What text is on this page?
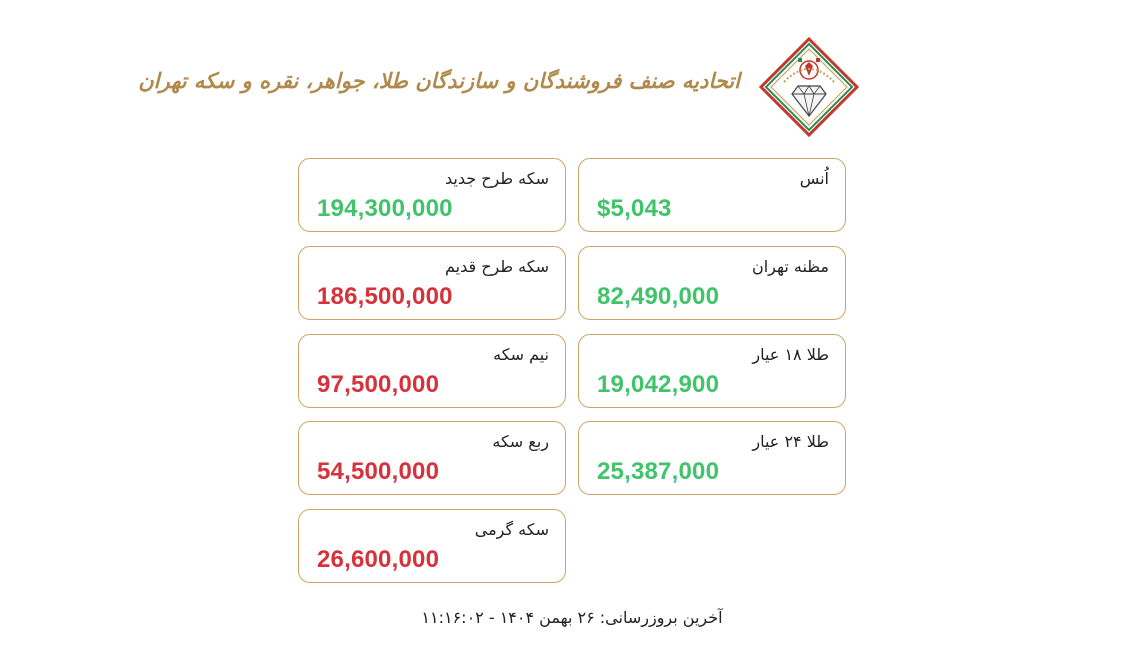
اتحادیه صنف فروشندگان و سازندگان طلا، جواهر، نقره و سکه تهران
اُنس
$5,043
مظنه تهران
82,490,000
طلا ۱۸ عیار
19,042,900
طلا ۲۴ عیار
25,387,000
سکه طرح جدید
194,300,000
سکه طرح قدیم
186,500,000
نیم سکه
97,500,000
ربع سکه
54,500,000
سکه گرمی
26,600,000
آخرین بروزرسانی: ۲۶ بهمن ۱۴۰۴ - ۱۱:۱۶:۰۲
